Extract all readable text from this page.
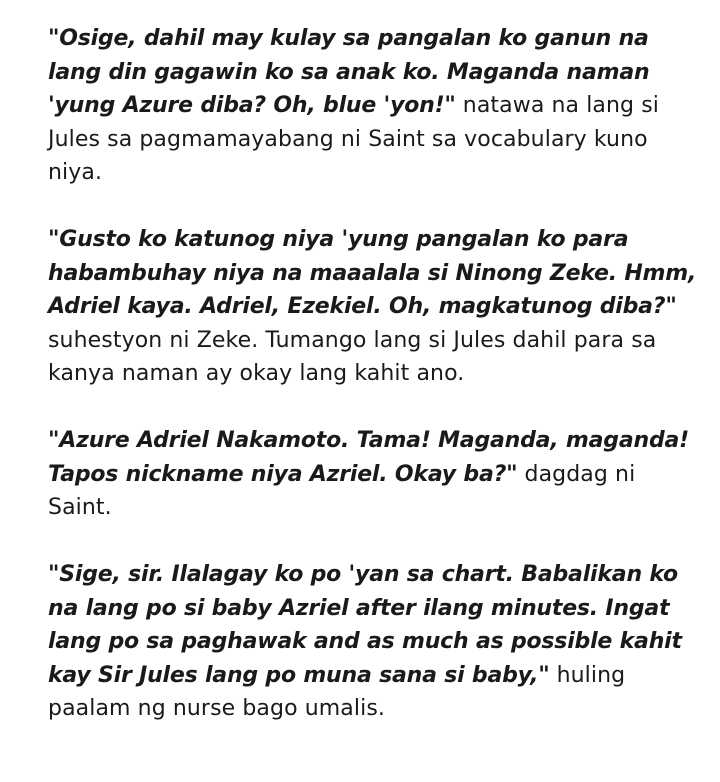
"Osige, dahil may kulay sa pangalan ko ganun na lang din gagawin ko sa anak ko. Maganda naman 'yung Azure diba? Oh, blue 'yon!" natawa na lang si Jules sa pagmamayabang ni Saint sa vocabulary kuno niya.

"Gusto ko katunog niya 'yung pangalan ko para habambuhay niya na maaalala si Ninong Zeke. Hmm, Adriel kaya. Adriel, Ezekiel. Oh, magkatunog diba?" suhestyon ni Zeke. Tumango lang si Jules dahil para sa kanya naman ay okay lang kahit ano.

"Azure Adriel Nakamoto. Tama! Maganda, maganda! Tapos nickname niya Azriel. Okay ba?" dagdag ni Saint.

"Sige, sir. Ilalagay ko po 'yan sa chart. Babalikan ko na lang po si baby Azriel after ilang minutes. Ingat lang po sa paghawak and as much as possible kahit kay Sir Jules lang po muna sana si baby," huling paalam ng nurse bago umalis.
